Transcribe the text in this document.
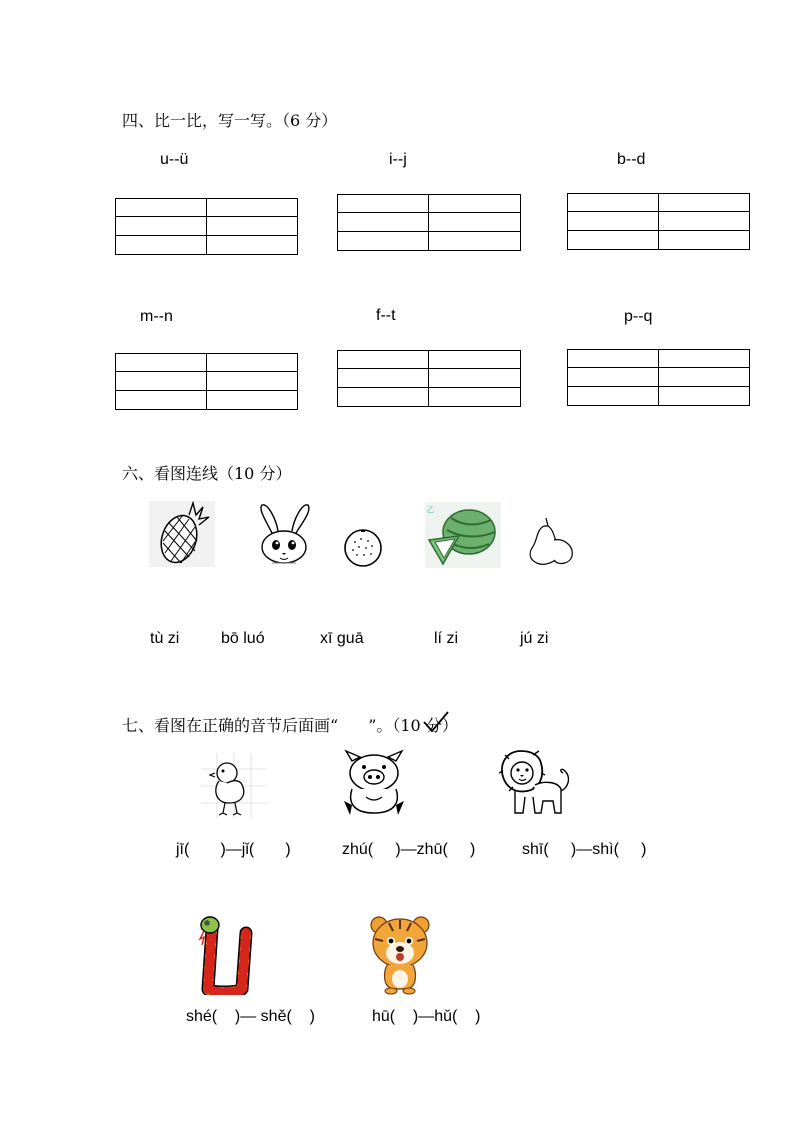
四、比一比，写一写。（6 分）
u--ü	i--j	b--d
m--n	f--t	p--q
六、看图连线（10 分）
乙
tù zi	bō luó	xī guā	lí zi	jú zi
七、看图在正确的音节后面画“ ”。（10 分）
jī(       )—jǐ(       )	zhú(     )—zhū(     )	shī(     )—shì(     )
shé(    )— shě(    )	hū(    )—hǔ(    )
